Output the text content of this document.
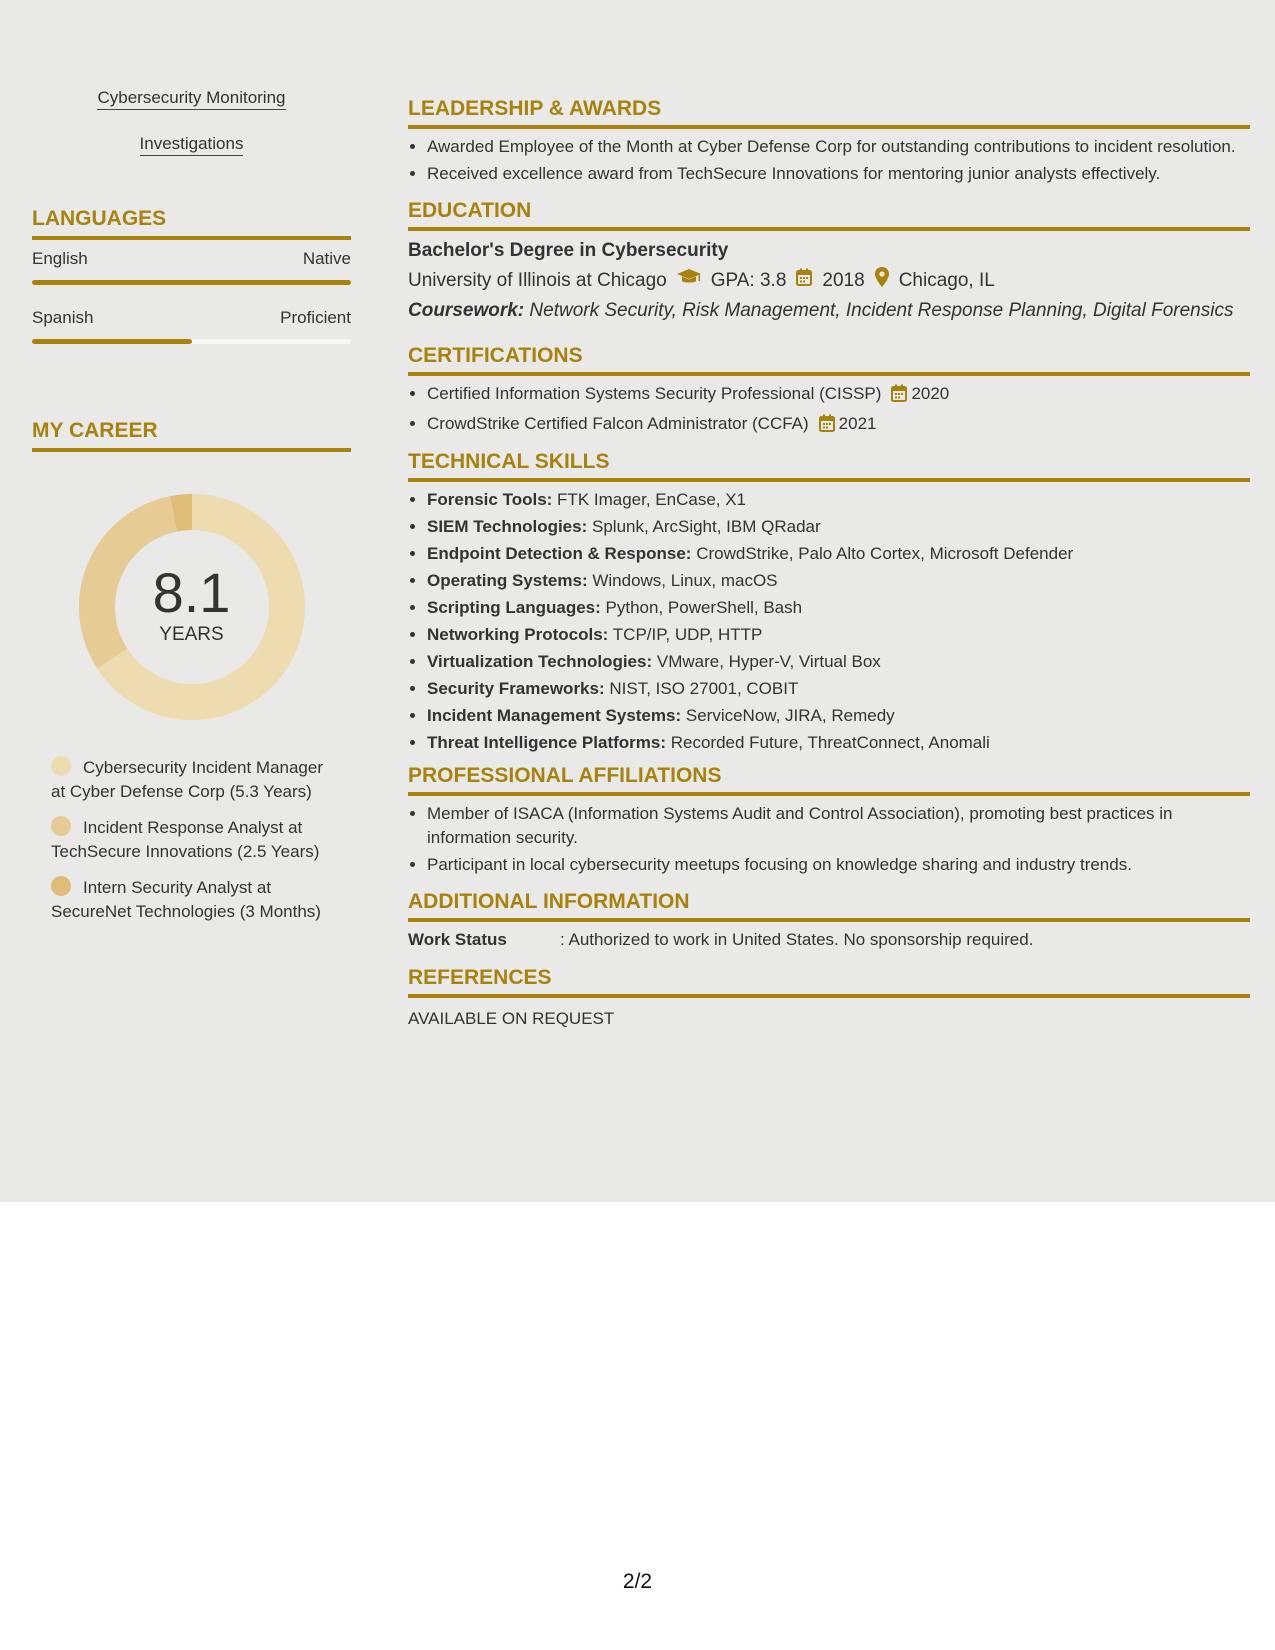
Cybersecurity Monitoring
Investigations
LANGUAGES
English	Native
Spanish	Proficient
MY CAREER
8.1
YEARS
Cybersecurity Incident Manager at Cyber Defense Corp (5.3 Years)
Incident Response Analyst at TechSecure Innovations (2.5 Years)
Intern Security Analyst at SecureNet Technologies (3 Months)
LEADERSHIP & AWARDS
• Awarded Employee of the Month at Cyber Defense Corp for outstanding contributions to incident resolution.
• Received excellence award from TechSecure Innovations for mentoring junior analysts effectively.
EDUCATION
Bachelor's Degree in Cybersecurity
University of Illinois at Chicago GPA: 3.8 2018 Chicago, IL
Coursework: Network Security, Risk Management, Incident Response Planning, Digital Forensics
CERTIFICATIONS
• Certified Information Systems Security Professional (CISSP) 2020
• CrowdStrike Certified Falcon Administrator (CCFA) 2021
TECHNICAL SKILLS
• Forensic Tools: FTK Imager, EnCase, X1
• SIEM Technologies: Splunk, ArcSight, IBM QRadar
• Endpoint Detection & Response: CrowdStrike, Palo Alto Cortex, Microsoft Defender
• Operating Systems: Windows, Linux, macOS
• Scripting Languages: Python, PowerShell, Bash
• Networking Protocols: TCP/IP, UDP, HTTP
• Virtualization Technologies: VMware, Hyper-V, Virtual Box
• Security Frameworks: NIST, ISO 27001, COBIT
• Incident Management Systems: ServiceNow, JIRA, Remedy
• Threat Intelligence Platforms: Recorded Future, ThreatConnect, Anomali
PROFESSIONAL AFFILIATIONS
• Member of ISACA (Information Systems Audit and Control Association), promoting best practices in information security.
• Participant in local cybersecurity meetups focusing on knowledge sharing and industry trends.
ADDITIONAL INFORMATION
Work Status	: Authorized to work in United States. No sponsorship required.
REFERENCES
AVAILABLE ON REQUEST
2/2
